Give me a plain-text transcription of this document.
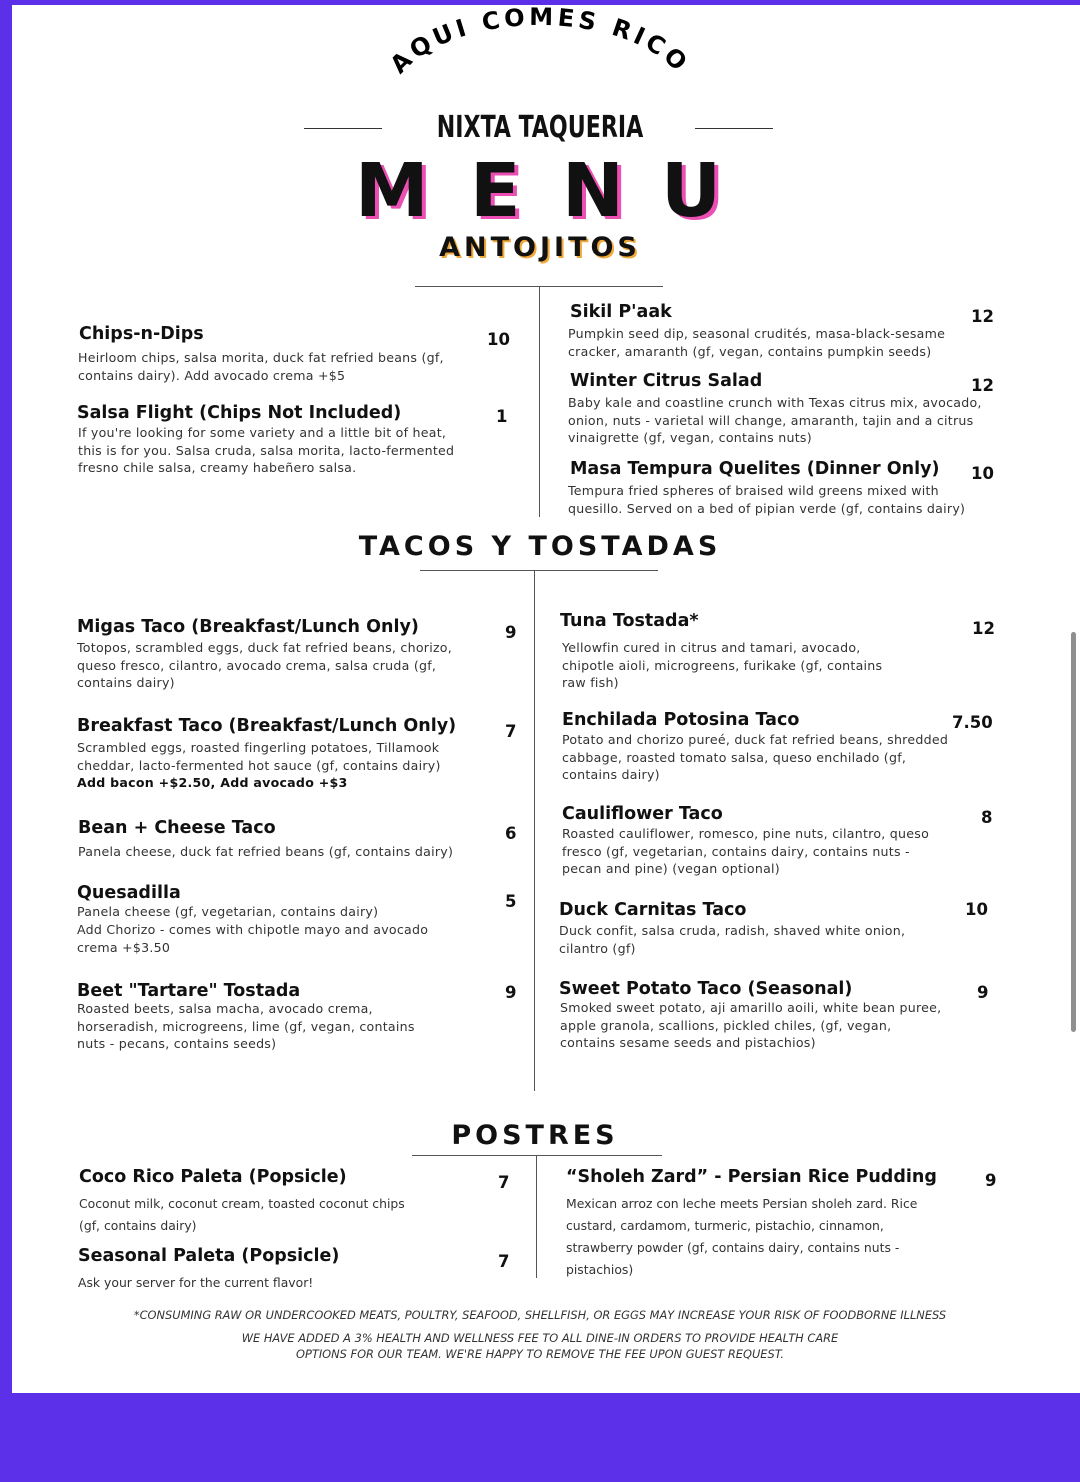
AQUI COMES RICO
NIXTA TAQUERIA
M E N U
ANTOJITOS
Chips-n-Dips	10
Heirloom chips, salsa morita, duck fat refried beans (gf, contains dairy). Add avocado crema +$5
Salsa Flight (Chips Not Included)	1
If you're looking for some variety and a little bit of heat, this is for you. Salsa cruda, salsa morita, lacto-fermented fresno chile salsa, creamy habeñero salsa.
Sikil P'aak	12
Pumpkin seed dip, seasonal crudités, masa-black-sesame cracker, amaranth (gf, vegan, contains pumpkin seeds)
Winter Citrus Salad	12
Baby kale and coastline crunch with Texas citrus mix, avocado, onion, nuts - varietal will change, amaranth, tajin and a citrus vinaigrette (gf, vegan, contains nuts)
Masa Tempura Quelites (Dinner Only) 10
Tempura fried spheres of braised wild greens mixed with quesillo. Served on a bed of pipian verde (gf, contains dairy)
TACOS Y TOSTADAS
Migas Taco (Breakfast/Lunch Only)	9
Totopos, scrambled eggs, duck fat refried beans, chorizo, queso fresco, cilantro, avocado crema, salsa cruda (gf, contains dairy)
Breakfast Taco (Breakfast/Lunch Only)	7
Scrambled eggs, roasted fingerling potatoes, Tillamook cheddar, lacto-fermented hot sauce (gf, contains dairy)
Add bacon +$2.50, Add avocado +$3
Bean + Cheese Taco	6
Panela cheese, duck fat refried beans (gf, contains dairy)
Quesadilla	5
Panela cheese (gf, vegetarian, contains dairy)
Add Chorizo - comes with chipotle mayo and avocado crema +$3.50
Beet "Tartare" Tostada	9
Roasted beets, salsa macha, avocado crema, horseradish, microgreens, lime (gf, vegan, contains nuts - pecans, contains seeds)
Tuna Tostada*	12
Yellowfin cured in citrus and tamari, avocado, chipotle aioli, microgreens, furikake (gf, contains raw fish)
Enchilada Potosina Taco	7.50
Potato and chorizo pureé, duck fat refried beans, shredded cabbage, roasted tomato salsa, queso enchilado (gf, contains dairy)
Cauliflower Taco	8
Roasted cauliflower, romesco, pine nuts, cilantro, queso fresco (gf, vegetarian, contains dairy, contains nuts - pecan and pine) (vegan optional)
Duck Carnitas Taco	10
Duck confit, salsa cruda, radish, shaved white onion, cilantro (gf)
Sweet Potato Taco (Seasonal)	9
Smoked sweet potato, aji amarillo aoili, white bean puree, apple granola, scallions, pickled chiles, (gf, vegan, contains sesame seeds and pistachios)
POSTRES
Coco Rico Paleta (Popsicle)	7
Coconut milk, coconut cream, toasted coconut chips (gf, contains dairy)
Seasonal Paleta (Popsicle)	7
Ask your server for the current flavor!
“Sholeh Zard” - Persian Rice Pudding	9
Mexican arroz con leche meets Persian sholeh zard. Rice custard, cardamom, turmeric, pistachio, cinnamon, strawberry powder (gf, contains dairy, contains nuts - pistachios)
*CONSUMING RAW OR UNDERCOOKED MEATS, POULTRY, SEAFOOD, SHELLFISH, OR EGGS MAY INCREASE YOUR RISK OF FOODBORNE ILLNESS
WE HAVE ADDED A 3% HEALTH AND WELLNESS FEE TO ALL DINE-IN ORDERS TO PROVIDE HEALTH CARE
OPTIONS FOR OUR TEAM. WE'RE HAPPY TO REMOVE THE FEE UPON GUEST REQUEST.
